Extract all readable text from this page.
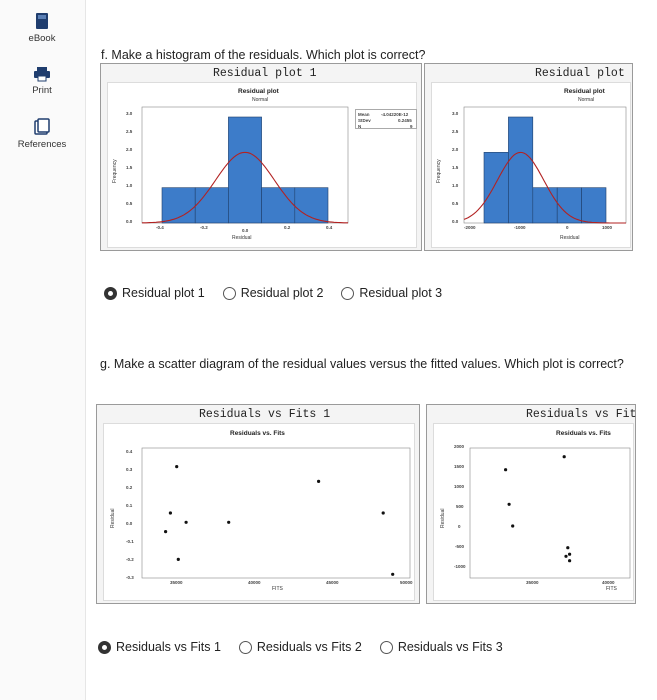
eBook
Print
References
f. Make a histogram of the residuals. Which plot is correct?
Residual plot 1
Residual plot
Normal
Frequency
Residual
3.0
2.5
2.0
1.5
1.0
0.5
0.0
-0.4	-0.2
0.0
0.2	0.4
Mean	-4.04220E-12
StDev	0.2455
N	9
Residual plot
Residual plot
Normal
Frequency
Residual
3.0
2.5
2.0
1.5
1.0
0.5
0.0
-2000	-1000	0	1000
Residual plot 1	Residual plot 2	Residual plot 3
g. Make a scatter diagram of the residual values versus the fitted values. Which plot is correct?
Residuals vs Fits 1
Residuals vs. Fits
Residual
FITS
0.4
0.3
0.2
0.1
0.0
-0.1
-0.2
-0.3
35000	40000	45000	50000
Residuals vs Fit
Residuals vs. Fits
Residual
FITS
2000
1500
1000
500
0
-500
-1000
35000	40000
Residuals vs Fits 1	Residuals vs Fits 2	Residuals vs Fits 3
